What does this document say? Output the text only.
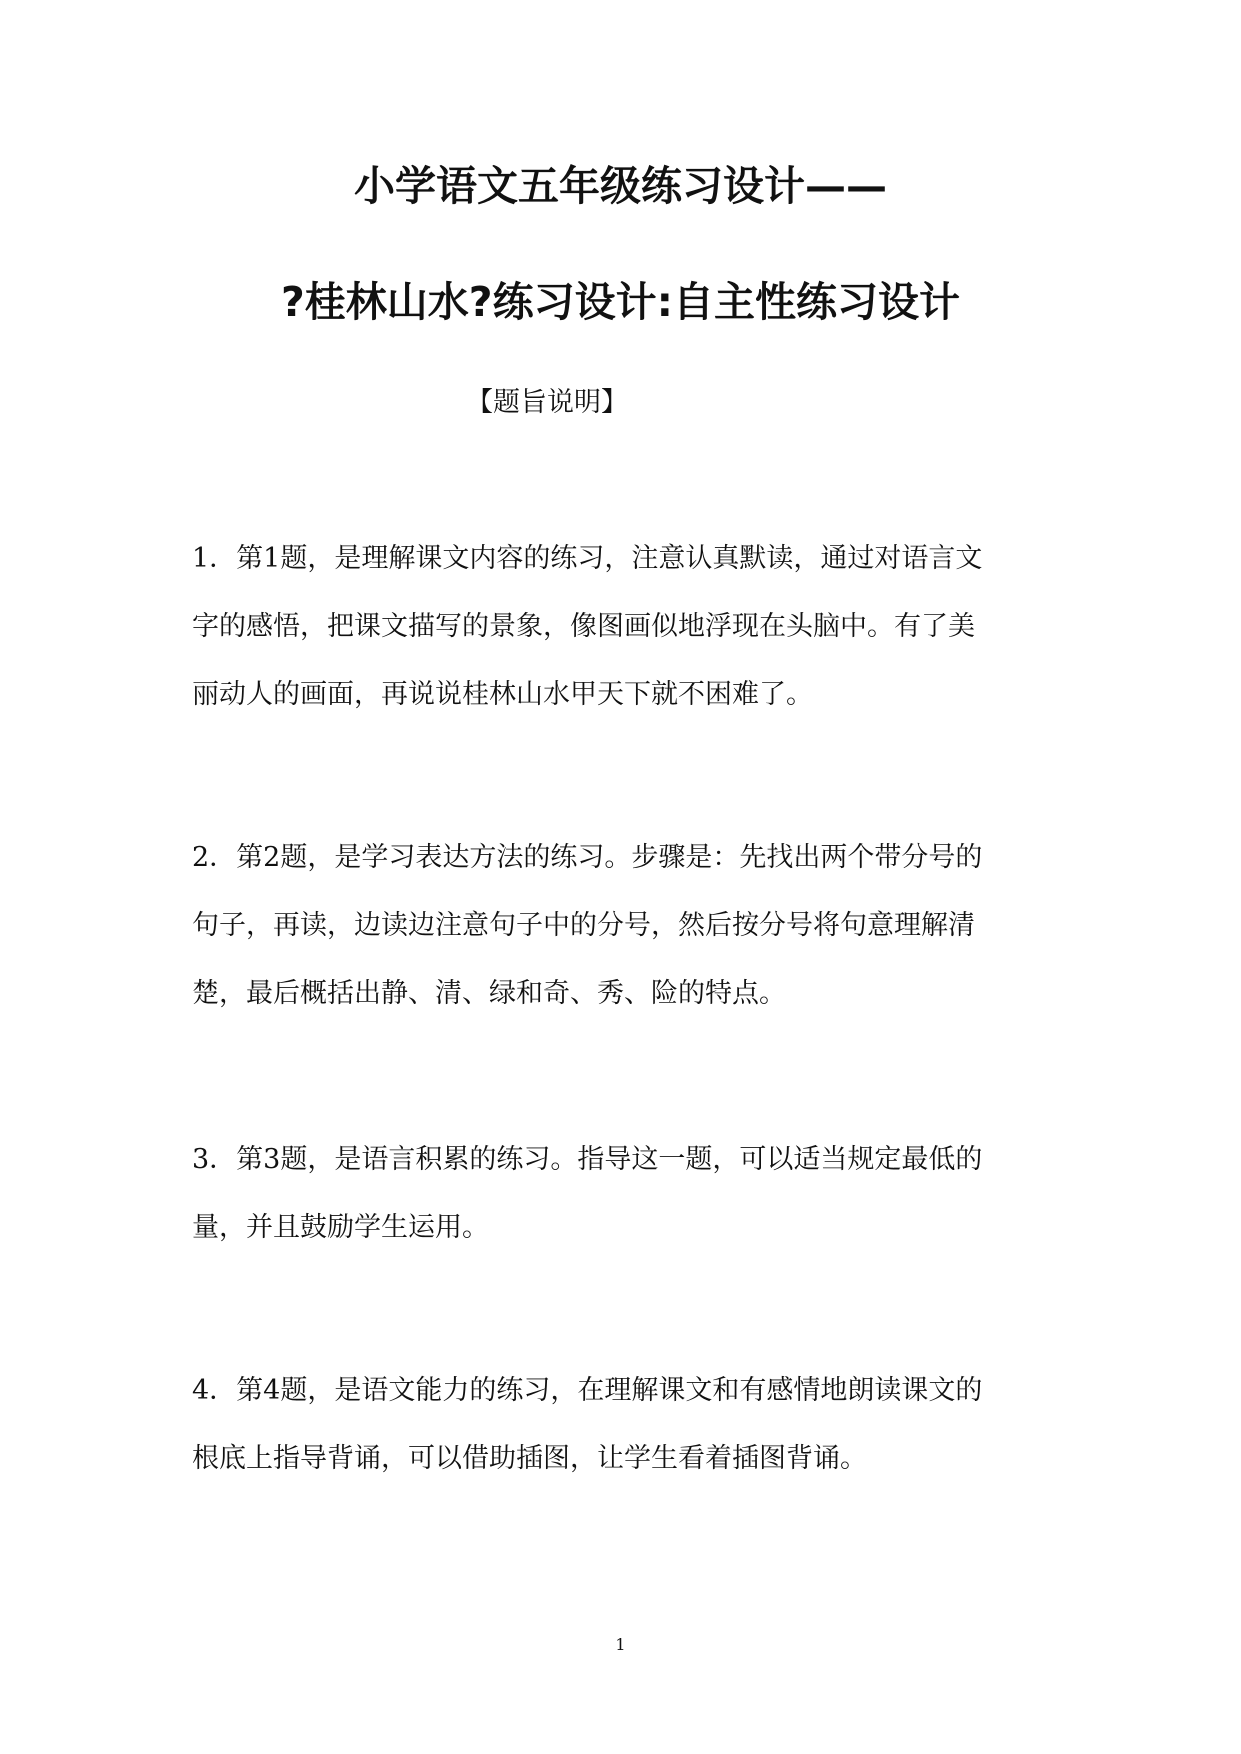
小学语文五年级练习设计——
?桂林山水?练习设计:自主性练习设计
【题旨说明】
1．第1题，是理解课文内容的练习，注意认真默读，通过对语言文
字的感悟，把课文描写的景象，像图画似地浮现在头脑中。有了美
丽动人的画面，再说说桂林山水甲天下就不困难了。
2．第2题，是学习表达方法的练习。步骤是：先找出两个带分号的
句子，再读，边读边注意句子中的分号，然后按分号将句意理解清
楚，最后概括出静、清、绿和奇、秀、险的特点。
3．第3题，是语言积累的练习。指导这一题，可以适当规定最低的
量，并且鼓励学生运用。
4．第4题，是语文能力的练习，在理解课文和有感情地朗读课文的
根底上指导背诵，可以借助插图，让学生看着插图背诵。
1
